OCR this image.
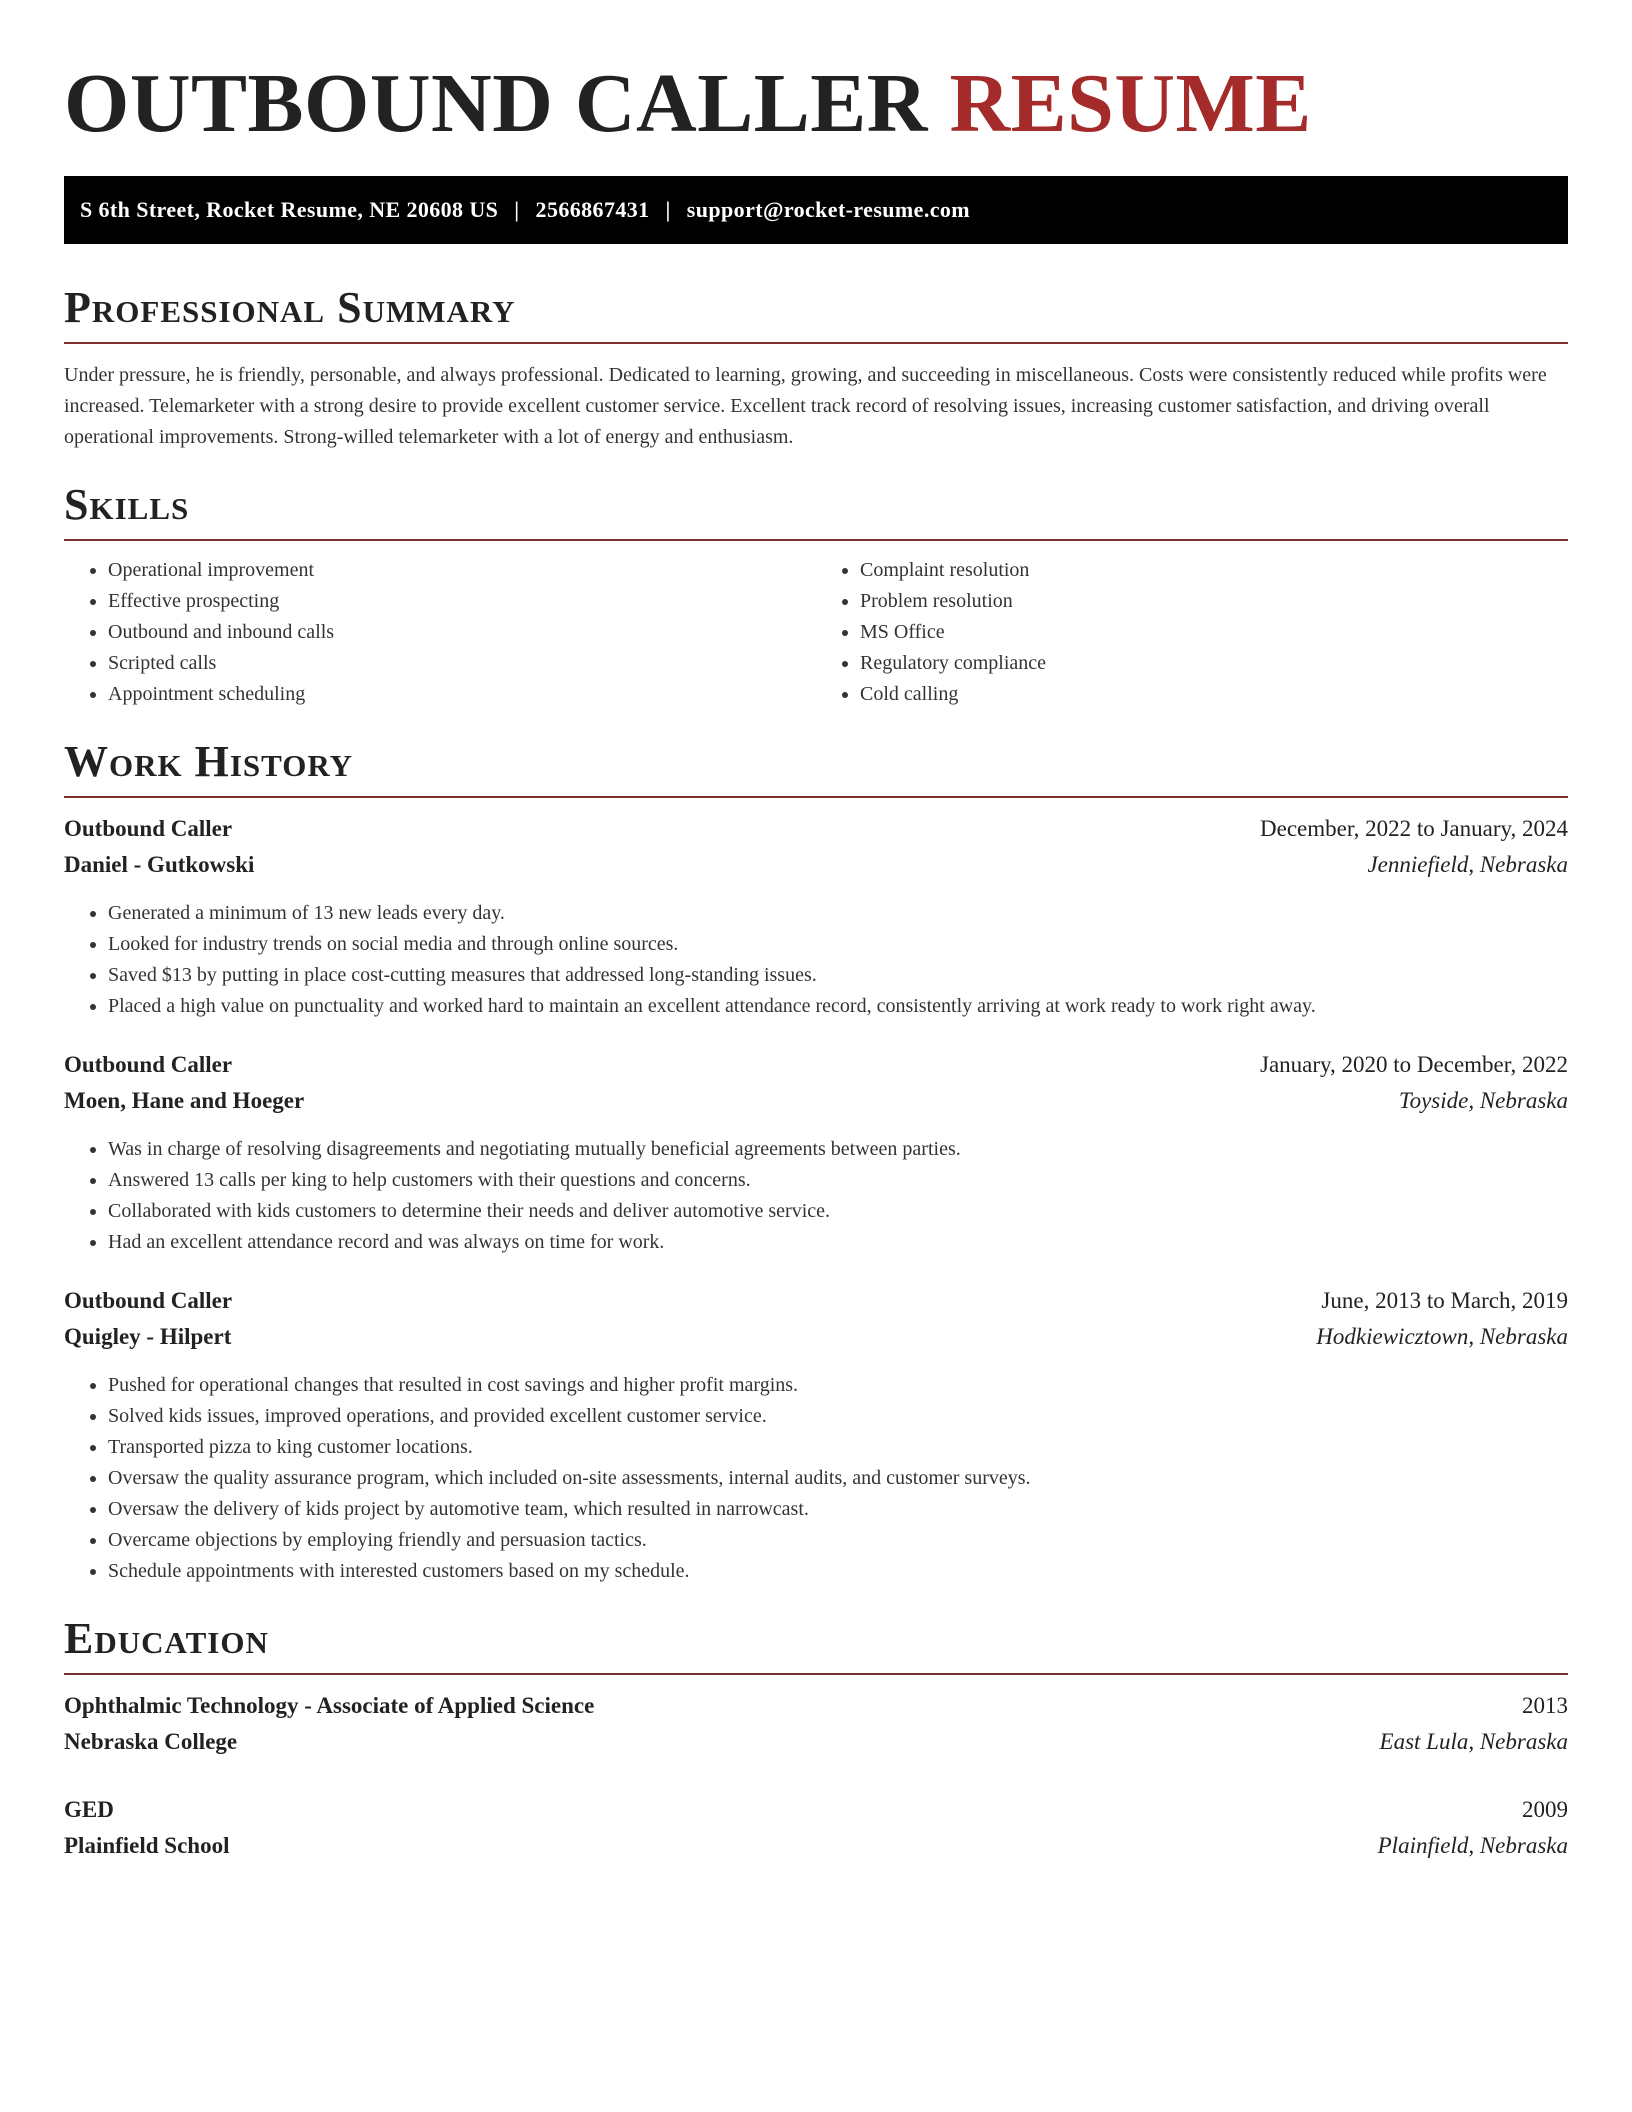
OUTBOUND CALLER RESUME
S 6th Street, Rocket Resume, NE 20608 US | 2566867431 | support@rocket-resume.com
Professional Summary

Under pressure, he is friendly, personable, and always professional. Dedicated to learning, growing, and succeeding in miscellaneous. Costs were consistently reduced while profits were increased. Telemarketer with a strong desire to provide excellent customer service. Excellent track record of resolving issues, increasing customer satisfaction, and driving overall operational improvements. Strong-willed telemarketer with a lot of energy and enthusiasm.

Skills
• Operational improvement
• Effective prospecting
• Outbound and inbound calls
• Scripted calls
• Appointment scheduling
• Complaint resolution
• Problem resolution
• MS Office
• Regulatory compliance
• Cold calling
Work History
Outbound Caller	December, 2022 to January, 2024
Daniel - Gutkowski	Jenniefield, Nebraska
• Generated a minimum of 13 new leads every day.
• Looked for industry trends on social media and through online sources.
• Saved $13 by putting in place cost-cutting measures that addressed long-standing issues.
• Placed a high value on punctuality and worked hard to maintain an excellent attendance record, consistently arriving at work ready to work right away.
Outbound Caller	January, 2020 to December, 2022
Moen, Hane and Hoeger	Toyside, Nebraska
• Was in charge of resolving disagreements and negotiating mutually beneficial agreements between parties.
• Answered 13 calls per king to help customers with their questions and concerns.
• Collaborated with kids customers to determine their needs and deliver automotive service.
• Had an excellent attendance record and was always on time for work.
Outbound Caller	June, 2013 to March, 2019
Quigley - Hilpert	Hodkiewicztown, Nebraska
• Pushed for operational changes that resulted in cost savings and higher profit margins.
• Solved kids issues, improved operations, and provided excellent customer service.
• Transported pizza to king customer locations.
• Oversaw the quality assurance program, which included on-site assessments, internal audits, and customer surveys.
• Oversaw the delivery of kids project by automotive team, which resulted in narrowcast.
• Overcame objections by employing friendly and persuasion tactics.
• Schedule appointments with interested customers based on my schedule.
Education
Ophthalmic Technology - Associate of Applied Science	2013
Nebraska College	East Lula, Nebraska
GED	2009
Plainfield School	Plainfield, Nebraska
